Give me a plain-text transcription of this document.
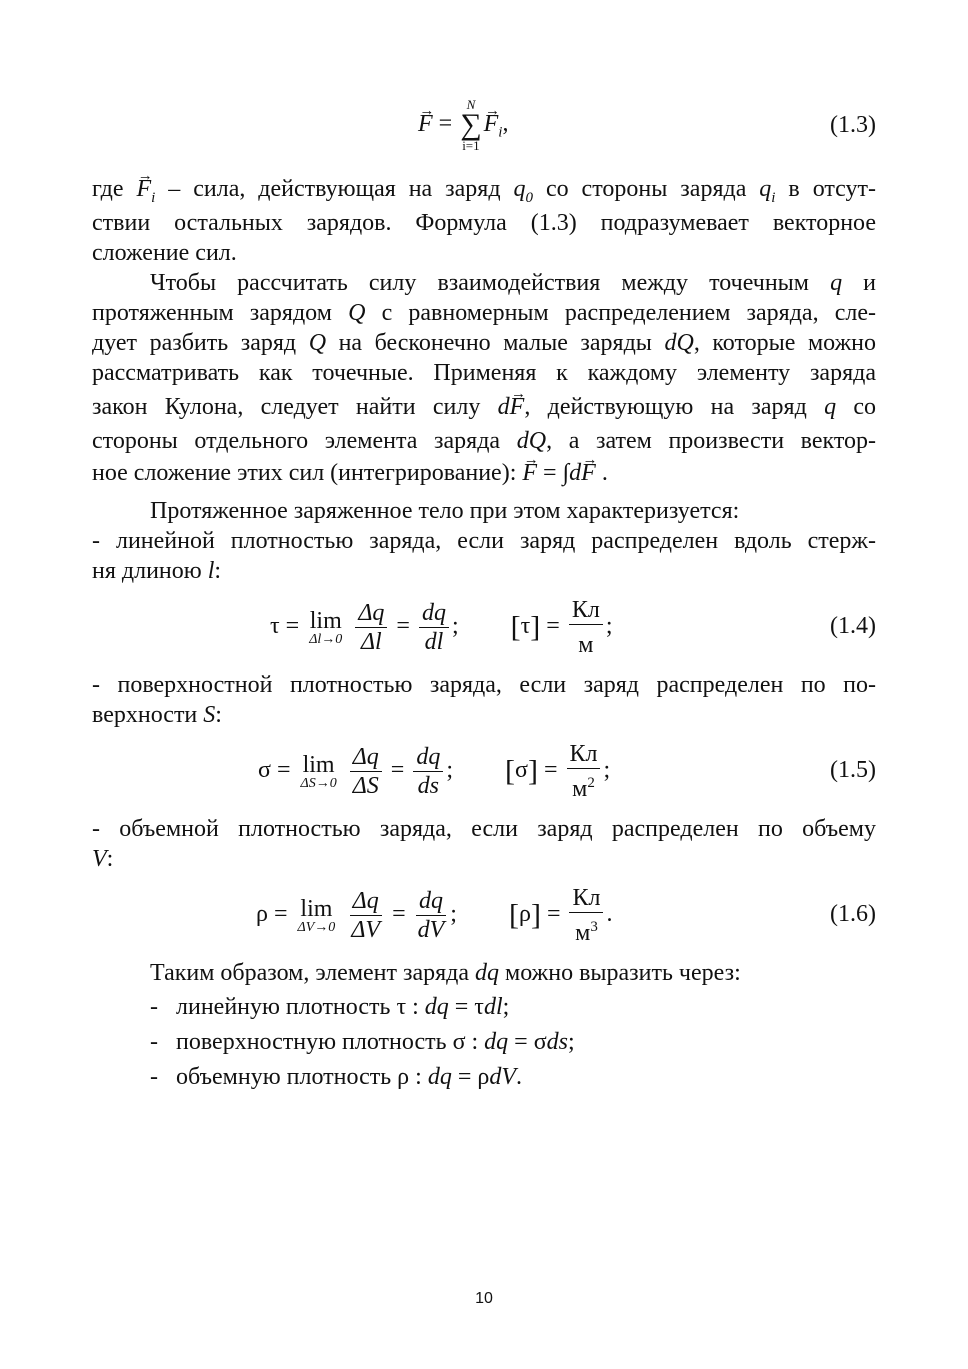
→ F =
N
∑
i=1
→ $F_i$,	(1.3)
где → $F_i$ – сила, действующая на заряд $q_0$ со стороны заряда $q_i$ в отсут-
ствии остальных зарядов. Формула (1.3) подразумевает векторное
сложение сил.
Чтобы рассчитать силу взаимодействия между точечным q и
протяженным зарядом Q с равномерным распределением заряда, сле-
дует разбить заряд Q на бесконечно малые заряды dQ, которые можно
рассматривать как точечные. Применяя к каждому элементу заряда
закон Кулона, следует найти силу d→ F, действующую на заряд q со
стороны отдельного элемента заряда dQ, а затем произвести вектор-
ное сложение этих сил (интегрирование): → F = ∫d→ F .
Протяженное заряженное тело при этом характеризуется:
- линейной плотностью заряда, если заряд распределен вдоль стерж-
ня длиною l:
τ = lim
Δl→0
$\frac{\Delta q}{\Delta l} = \frac{dq}{dl}$ ;  $[\tau] = \frac{Кл}{м}$ ;	(1.4)
- поверхностной плотностью заряда, если заряд распределен по по-
верхности S:
σ = lim
ΔS→0
$\frac{\Delta q}{\Delta S} = \frac{dq}{ds}$ ;  $[\sigma] = \frac{Кл}{м^2}$ ;	(1.5)
- объемной плотностью заряда, если заряд распределен по объему
V:
ρ = lim
ΔV→0
$\frac{\Delta q}{\Delta V} = \frac{dq}{dV}$ ;  $[\rho] = \frac{Кл}{м^3}$ .	(1.6)
Таким образом, элемент заряда dq можно выразить через:
- линейную плотность τ : dq = τdl;
- поверхностную плотность σ : dq = σds;
- объемную плотность ρ : dq = ρdV.
10
